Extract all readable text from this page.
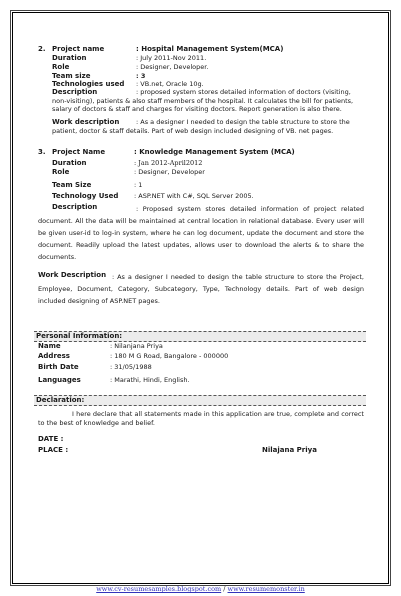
2. Project name	: Hospital Management System(MCA)
Duration	: July 2011-Nov 2011.
Role	: Designer, Developer.
Team size	: 3
Technologies used : VB.net, Oracle 10g.
Description	: proposed system stores detailed information of doctors (visiting, non-visiting), patients & also staff members of the hospital. It calculates the bill for patients, salary of doctors & staff and charges for visiting doctors. Report generation is also there.
Work description	: As a designer I needed to design the table structure to store the patient, doctor & staff details. Part of web design included designing of VB. net pages.
3. Project Name	: Knowledge Management System (MCA)
Duration	: Jan 2012-April2012
Role	: Designer, Developer
Team Size	: 1
Technology Used : ASP.NET with C#, SQL Server 2005.
Description	: Proposed system stores detailed information of project related document. All the data will be maintained at central location in relational database. Every user will be given user-id to log-in system, where he can log document, update the document and store the document. Readily upload the latest updates, allows user to download the alerts & to share the documents.
Work Description : As a designer I needed to design the table structure to store the Project, Employee, Document, Category, Subcategory, Type, Technology details. Part of web design included designing of ASP.NET pages.
Personal Information:
Name	: Nilanjana Priya
Address	: 180 M G Road, Bangalore - 000000
Birth Date	: 31/05/1988
Languages	: Marathi, Hindi, English.
Declaration:
I here declare that all statements made in this application are true, complete and correct to the best of knowledge and belief.
DATE :
PLACE :	Nilajana Priya
www.cv-resumesamples.blogspot.com / www.resumemonster.in
